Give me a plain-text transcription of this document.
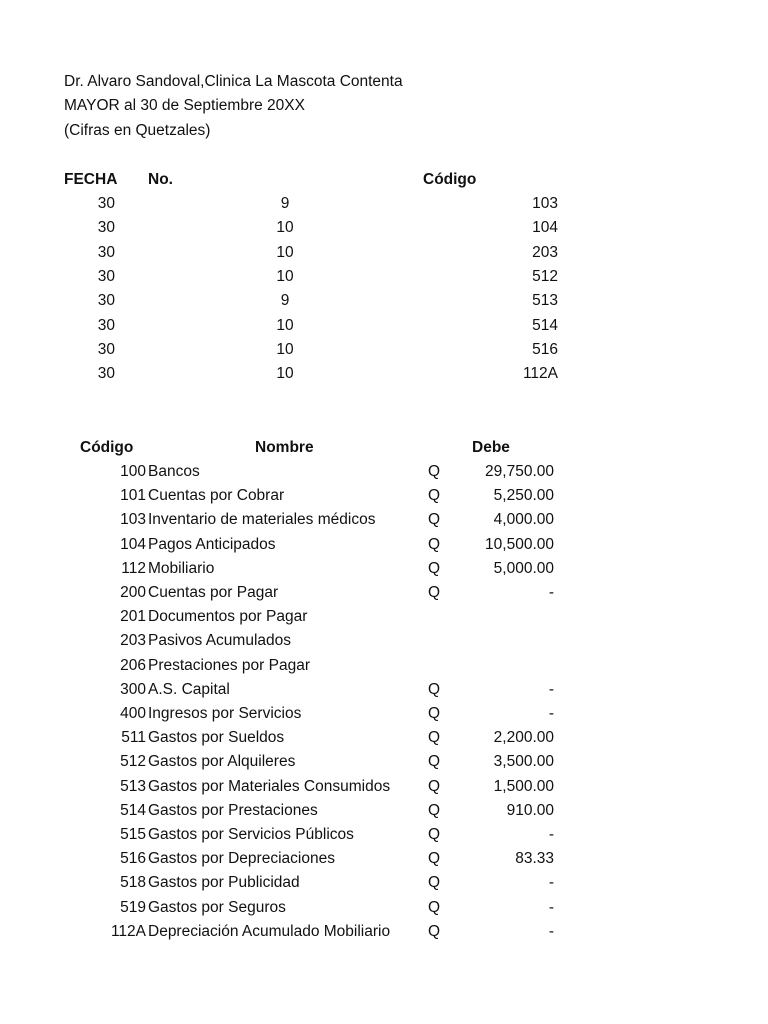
Dr. Alvaro Sandoval,Clinica La Mascota Contenta
MAYOR al 30 de Septiembre 20XX
(Cifras en Quetzales)
FECHA No.	Código
30	9	103
30	10	104
30	10	203
30	10	512
30	9	513
30	10	514
30	10	516
30	10	112A
Código	Nombre	Debe
100 Bancos	Q	29,750.00
101 Cuentas por Cobrar	Q	5,250.00
103 Inventario de materiales médicos	Q	4,000.00
104 Pagos Anticipados	Q	10,500.00
112 Mobiliario	Q	5,000.00
200 Cuentas por Pagar	Q	-
201 Documentos por Pagar
203 Pasivos Acumulados
206 Prestaciones por Pagar
300 A.S. Capital	Q	-
400 Ingresos por Servicios	Q	-
511 Gastos por Sueldos	Q	2,200.00
512 Gastos por Alquileres	Q	3,500.00
513 Gastos por Materiales Consumidos Q	1,500.00
514 Gastos por Prestaciones	Q	910.00
515 Gastos por Servicios Públicos	Q	-
516 Gastos por Depreciaciones	Q	83.33
518 Gastos por Publicidad	Q	-
519 Gastos por Seguros	Q	-
112A Depreciación Acumulado Mobiliario Q	-
